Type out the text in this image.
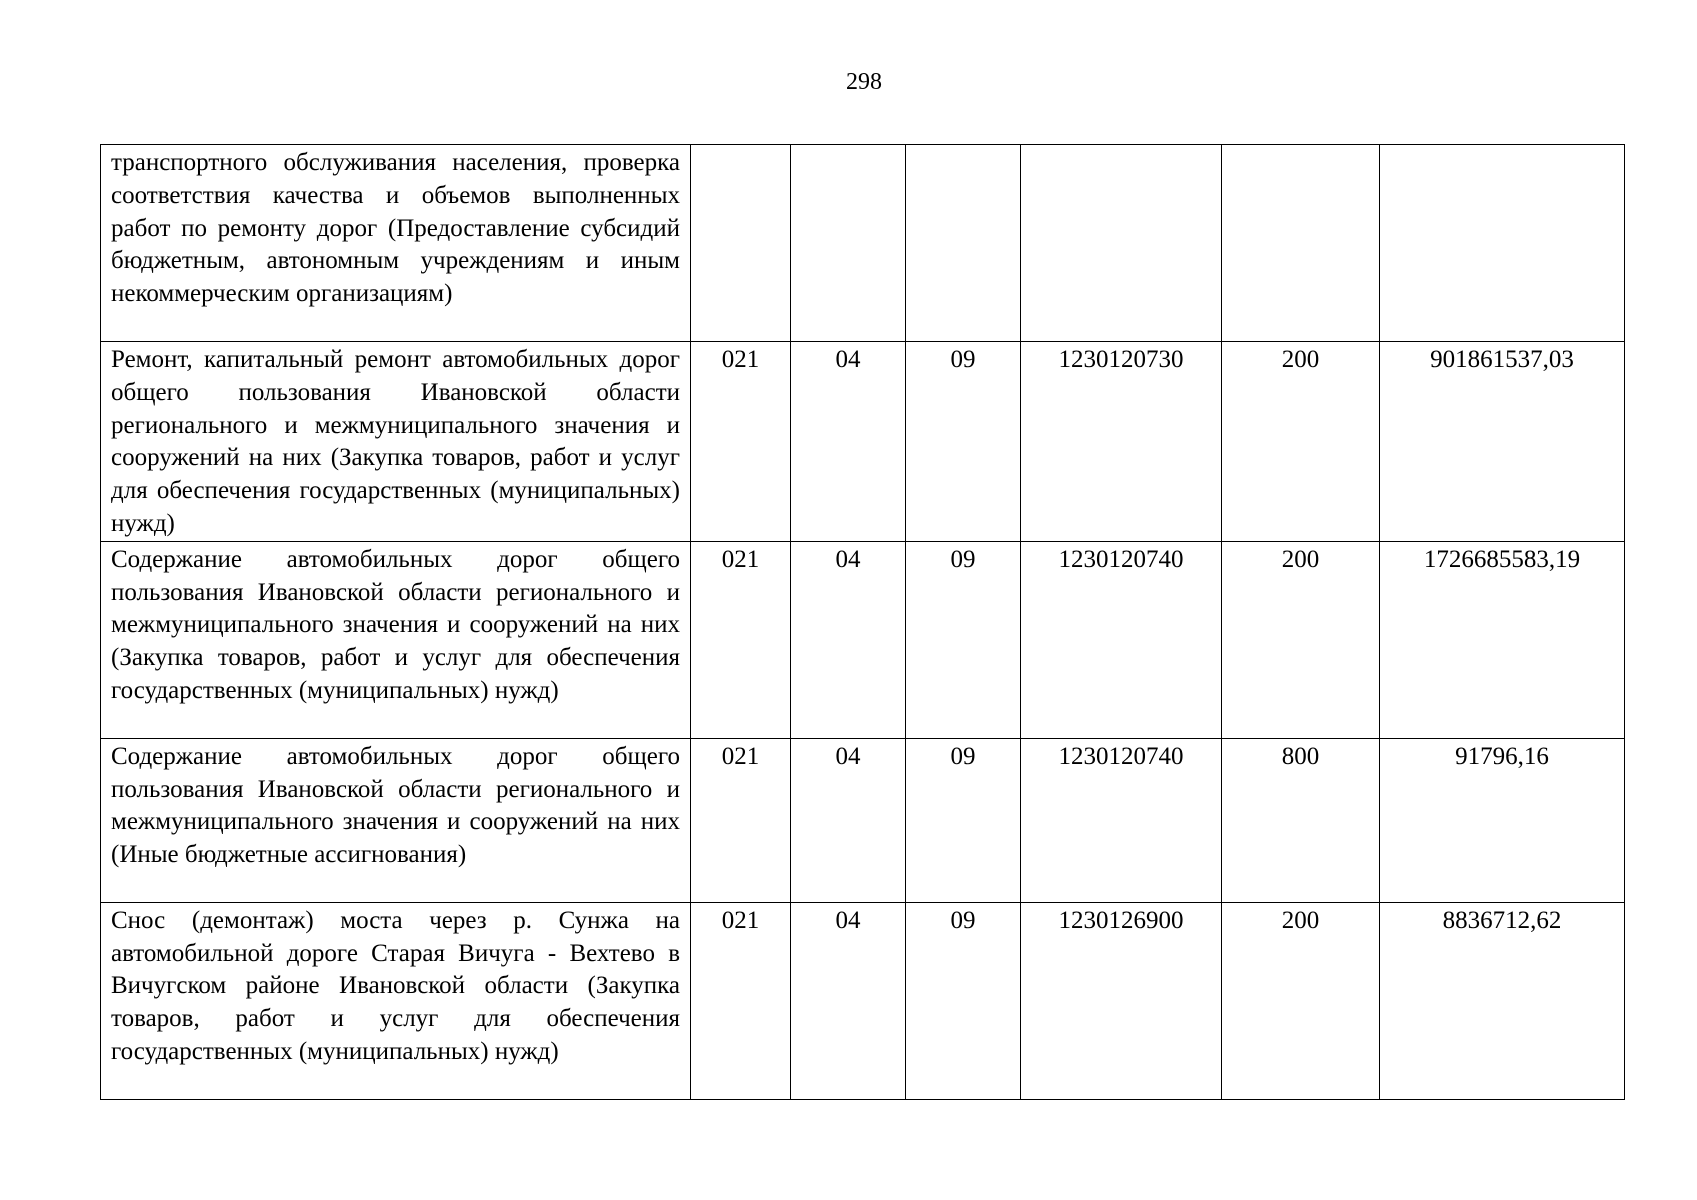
298
транспортного обслуживания населения, проверка соответствия качества и объемов выполненных работ по ремонту дорог (Предоставление субсидий бюджетным, автономным учреждениям и иным некоммерческим организациям)						
Ремонт, капитальный ремонт автомобильных дорог общего пользования Ивановской области регионального и межмуниципального значения и сооружений на них (Закупка товаров, работ и услуг для обеспечения государственных (муниципальных) нужд)	021	04	09	1230120730	200	901861537,03
Содержание автомобильных дорог общего пользования Ивановской области регионального и межмуниципального значения и сооружений на них (Закупка товаров, работ и услуг для обеспечения государственных (муниципальных) нужд)	021	04	09	1230120740	200	1726685583,19
Содержание автомобильных дорог общего пользования Ивановской области регионального и межмуниципального значения и сооружений на них (Иные бюджетные ассигнования)	021	04	09	1230120740	800	91796,16
Снос (демонтаж) моста через р. Сунжа на автомобильной дороге Старая Вичуга - Вехтево в Вичугском районе Ивановской области (Закупка товаров, работ и услуг для обеспечения государственных (муниципальных) нужд)	021	04	09	1230126900	200	8836712,62
